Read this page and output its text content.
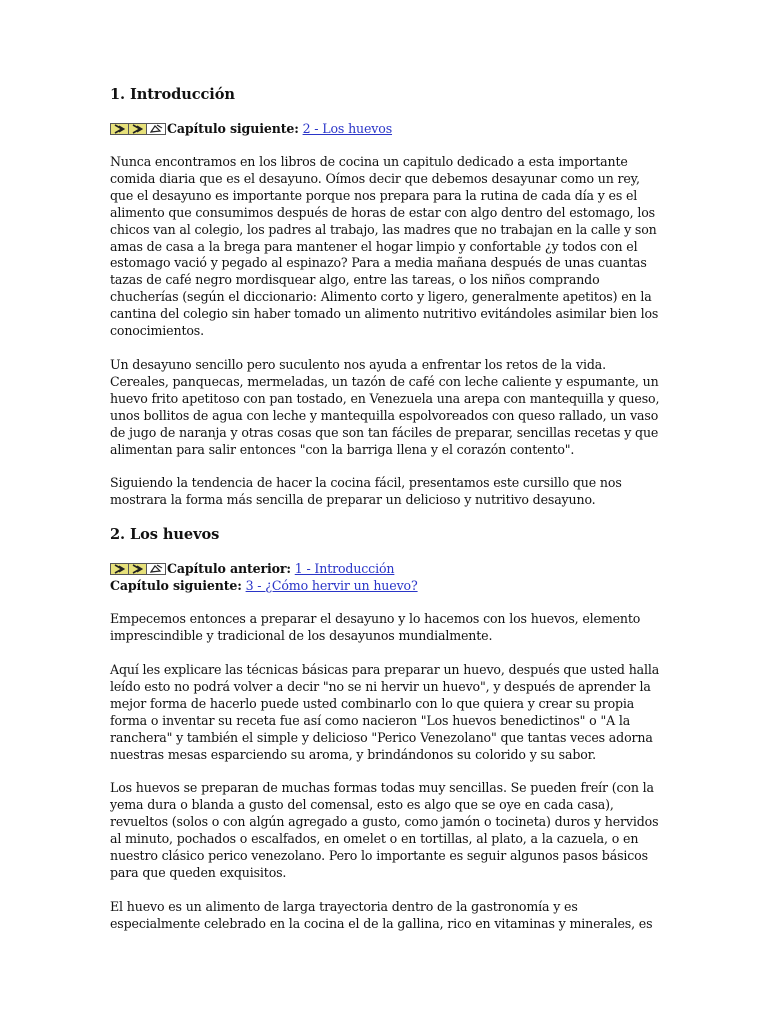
1. Introducción
Capítulo siguiente: 2 - Los huevos

Nunca encontramos en los libros de cocina un capitulo dedicado a esta importante comida diaria que es el desayuno. Oímos decir que debemos desayunar como un rey, que el desayuno es importante porque nos prepara para la rutina de cada día y es el alimento que consumimos después de horas de estar con algo dentro del estomago, los chicos van al colegio, los padres al trabajo, las madres que no trabajan en la calle y son amas de casa a la brega para mantener el hogar limpio y confortable ¿y todos con el estomago vació y pegado al espinazo? Para a media mañana después de unas cuantas tazas de café negro mordisquear algo, entre las tareas, o los niños comprando chucherías (según el diccionario: Alimento corto y ligero, generalmente apetitos) en la cantina del colegio sin haber tomado un alimento nutritivo evitándoles asimilar bien los conocimientos.

Un desayuno sencillo pero suculento nos ayuda a enfrentar los retos de la vida. Cereales, panquecas, mermeladas, un tazón de café con leche caliente y espumante, un huevo frito apetitoso con pan tostado, en Venezuela una arepa con mantequilla y queso, unos bollitos de agua con leche y mantequilla espolvoreados con queso rallado, un vaso de jugo de naranja y otras cosas que son tan fáciles de preparar, sencillas recetas y que alimentan para salir entonces "con la barriga llena y el corazón contento".

Siguiendo la tendencia de hacer la cocina fácil, presentamos este cursillo que nos mostrara la forma más sencilla de preparar un delicioso y nutritivo desayuno.

2. Los huevos
Capítulo anterior: 1 - Introducción
Capítulo siguiente: 3 - ¿Cómo hervir un huevo?

Empecemos entonces a preparar el desayuno y lo hacemos con los huevos, elemento imprescindible y tradicional de los desayunos mundialmente.

Aquí les explicare las técnicas básicas para preparar un huevo, después que usted halla leído esto no podrá volver a decir "no se ni hervir un huevo", y después de aprender la mejor forma de hacerlo puede usted combinarlo con lo que quiera y crear su propia forma o inventar su receta fue así como nacieron "Los huevos benedictinos" o "A la ranchera" y también el simple y delicioso "Perico Venezolano" que tantas veces adorna nuestras mesas esparciendo su aroma, y brindándonos su colorido y su sabor.

Los huevos se preparan de muchas formas todas muy sencillas. Se pueden freír (con la yema dura o blanda a gusto del comensal, esto es algo que se oye en cada casa), revueltos (solos o con algún agregado a gusto, como jamón o tocineta) duros y hervidos al minuto, pochados o escalfados, en omelet o en tortillas, al plato, a la cazuela, o en nuestro clásico perico venezolano. Pero lo importante es seguir algunos pasos básicos para que queden exquisitos.

El huevo es un alimento de larga trayectoria dentro de la gastronomía y es especialmente celebrado en la cocina el de la gallina, rico en vitaminas y minerales, es
